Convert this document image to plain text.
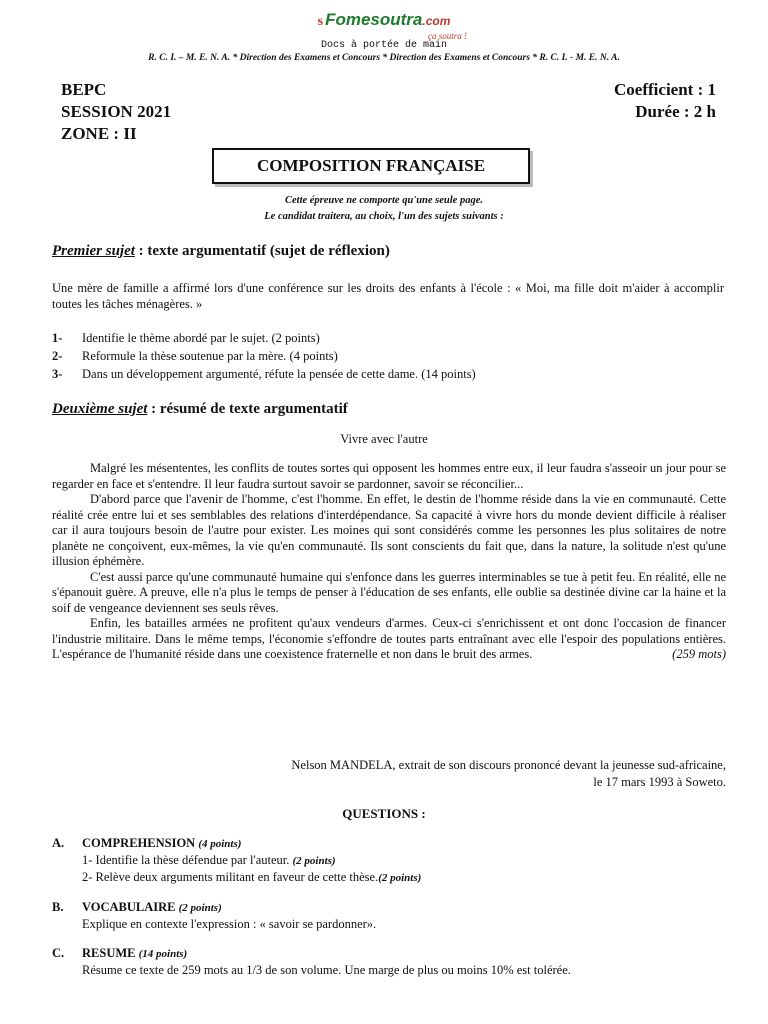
s Fomesoutra.com
ça soutra !
Docs à portée de main
R. C. I. – M. E. N. A. * Direction des Examens et Concours * Direction des Examens et Concours * R. C. I. - M. E. N. A.
BEPC
SESSION 2021
ZONE : II
Coefficient : 1
Durée : 2 h
COMPOSITION FRANÇAISE
Cette épreuve ne comporte qu'une seule page.
Le candidat traitera, au choix, l'un des sujets suivants :
Premier sujet : texte argumentatif (sujet de réflexion)
Une mère de famille a affirmé lors d'une conférence sur les droits des enfants à l'école : « Moi, ma fille doit m'aider à accomplir toutes les tâches ménagères. »
1- Identifie le thème abordé par le sujet. (2 points)
2- Reformule la thèse soutenue par la mère. (4 points)
3- Dans un développement argumenté, réfute la pensée de cette dame. (14 points)
Deuxième sujet : résumé de texte argumentatif
Vivre avec l'autre

Malgré les mésententes, les conflits de toutes sortes qui opposent les hommes entre eux, il leur faudra s'asseoir un jour pour se regarder en face et s'entendre. Il leur faudra surtout savoir se pardonner, savoir se réconcilier...

D'abord parce que l'avenir de l'homme, c'est l'homme. En effet, le destin de l'homme réside dans la vie en communauté. Cette réalité crée entre lui et ses semblables des relations d'interdépendance. Sa capacité à vivre hors du monde devient difficile à réaliser car il aura toujours besoin de l'autre pour exister. Les moines qui sont considérés comme les personnes les plus solitaires de notre planète ne conçoivent, eux-mêmes, la vie qu'en communauté. Ils sont conscients du fait que, dans la nature, la solitude n'est qu'une illusion éphémère.

C'est aussi parce qu'une communauté humaine qui s'enfonce dans les guerres interminables se tue à petit feu. En réalité, elle ne s'épanouit guère. A preuve, elle n'a plus le temps de penser à l'éducation de ses enfants, elle oublie sa destinée divine car la haine et la soif de vengeance deviennent ses seuls rêves.

Enfin, les batailles armées ne profitent qu'aux vendeurs d'armes. Ceux-ci s'enrichissent et ont donc l'occasion de financer l'industrie militaire. Dans le même temps, l'économie s'effondre de toutes parts entraînant avec elle l'espoir des populations entières. L'espérance de l'humanité réside dans une coexistence fraternelle et non dans le bruit des armes.	(259 mots)

Nelson MANDELA, extrait de son discours prononcé devant la jeunesse sud-africaine,
le 17 mars 1993 à Soweto.
QUESTIONS :
A. COMPREHENSION (4 points)
1- Identifie la thèse défendue par l'auteur. (2 points)
2- Relève deux arguments militant en faveur de cette thèse.(2 points)
B. VOCABULAIRE (2 points)
Explique en contexte l'expression : « savoir se pardonner».
C. RESUME (14 points)
Résume ce texte de 259 mots au 1/3 de son volume. Une marge de plus ou moins 10% est tolérée.
